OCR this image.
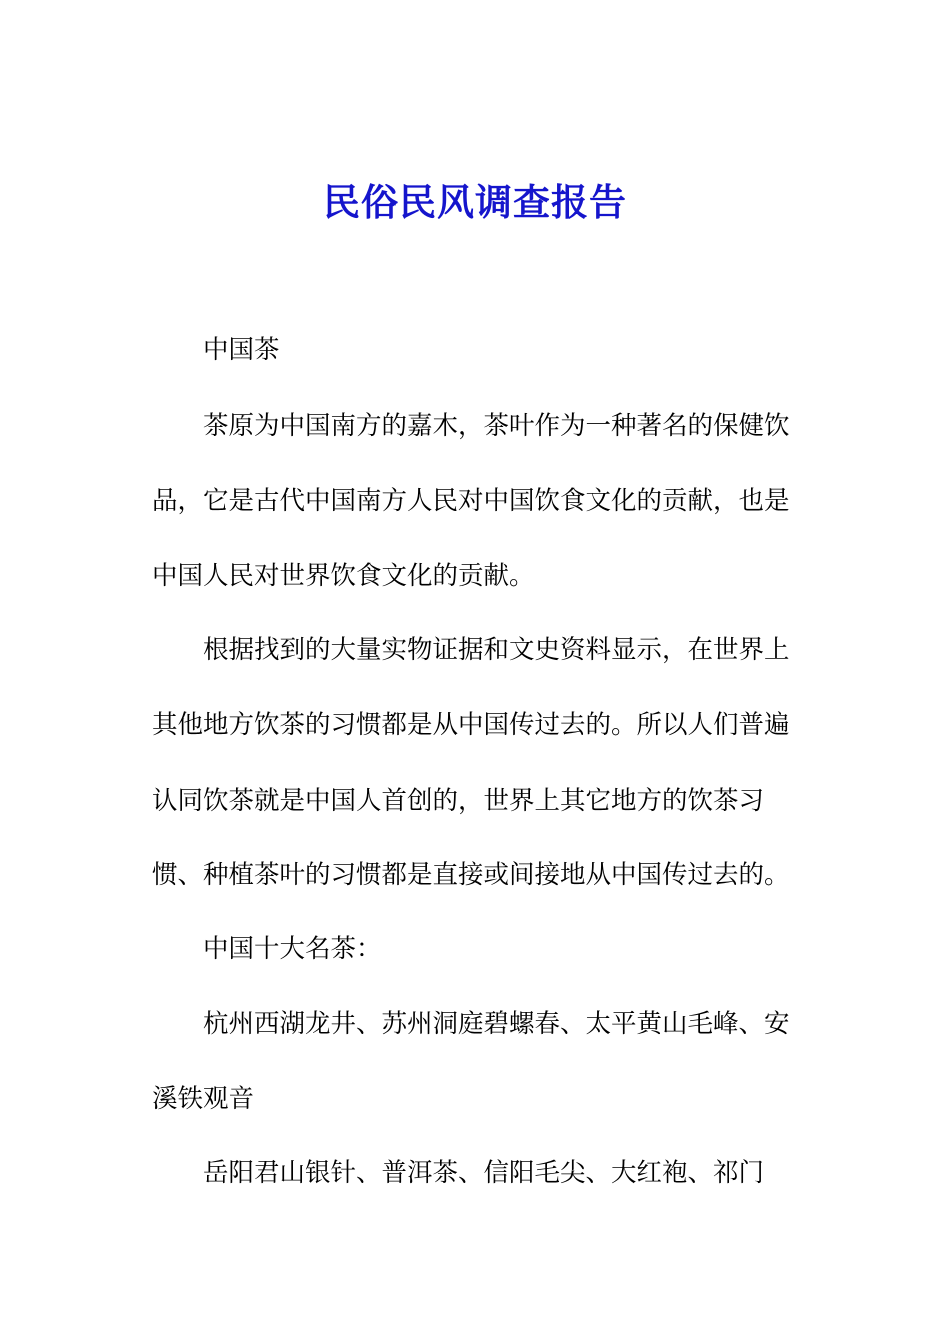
民俗民风调查报告
中国茶
茶原为中国南方的嘉木，茶叶作为一种著名的保健饮
品，它是古代中国南方人民对中国饮食文化的贡献，也是
中国人民对世界饮食文化的贡献。
根据找到的大量实物证据和文史资料显示，在世界上
其他地方饮茶的习惯都是从中国传过去的。所以人们普遍
认同饮茶就是中国人首创的，世界上其它地方的饮茶习
惯、种植茶叶的习惯都是直接或间接地从中国传过去的。
中国十大名茶：
杭州西湖龙井、苏州洞庭碧螺春、太平黄山毛峰、安
溪铁观音
岳阳君山银针、普洱茶、信阳毛尖、大红袍、祁门
